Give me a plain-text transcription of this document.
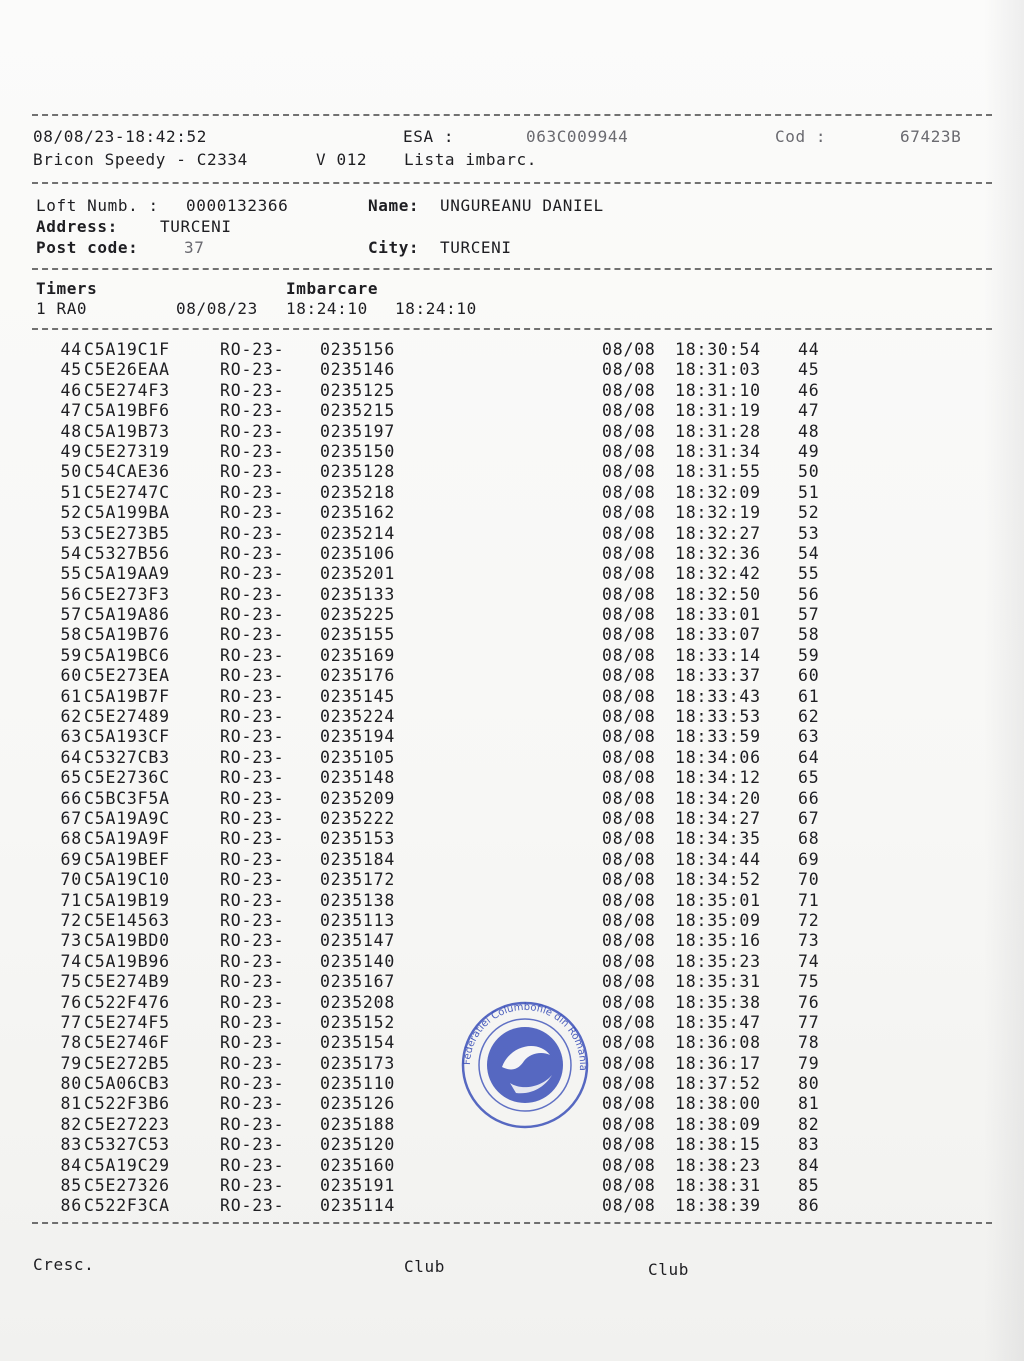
08/08/23-18:42:52	ESA :	063C009944	Cod :	67423B
Bricon Speedy - C2334	V 012 Lista imbarc.
Loft Numb. : 0000132366	Name: UNGUREANU DANIEL
Address:	TURCENI
Post code:	37	City: TURCENI
Timers	Imbarcare
1 RA0	08/08/23 18:24:10 18:24:10
44 C5A19C1F	RO-23- 0235156	08/08 18:30:54 44
45 C5E26EAA	RO-23- 0235146	08/08 18:31:03 45
46 C5E274F3	RO-23- 0235125	08/08 18:31:10 46
47 C5A19BF6	RO-23- 0235215	08/08 18:31:19 47
48 C5A19B73	RO-23- 0235197	08/08 18:31:28 48
49 C5E27319	RO-23- 0235150	08/08 18:31:34 49
50 C54CAE36	RO-23- 0235128	08/08 18:31:55 50
51 C5E2747C	RO-23- 0235218	08/08 18:32:09 51
52 C5A199BA	RO-23- 0235162	08/08 18:32:19 52
53 C5E273B5	RO-23- 0235214	08/08 18:32:27 53
54 C5327B56	RO-23- 0235106	08/08 18:32:36 54
55 C5A19AA9	RO-23- 0235201	08/08 18:32:42 55
56 C5E273F3	RO-23- 0235133	08/08 18:32:50 56
57 C5A19A86	RO-23- 0235225	08/08 18:33:01 57
58 C5A19B76	RO-23- 0235155	08/08 18:33:07 58
59 C5A19BC6	RO-23- 0235169	08/08 18:33:14 59
60 C5E273EA	RO-23- 0235176	08/08 18:33:37 60
61 C5A19B7F	RO-23- 0235145	08/08 18:33:43 61
62 C5E27489	RO-23- 0235224	08/08 18:33:53 62
63 C5A193CF	RO-23- 0235194	08/08 18:33:59 63
64 C5327CB3	RO-23- 0235105	08/08 18:34:06 64
65 C5E2736C	RO-23- 0235148	08/08 18:34:12 65
66 C5BC3F5A	RO-23- 0235209	08/08 18:34:20 66
67 C5A19A9C	RO-23- 0235222	08/08 18:34:27 67
68 C5A19A9F	RO-23- 0235153	08/08 18:34:35 68
69 C5A19BEF	RO-23- 0235184	08/08 18:34:44 69
70 C5A19C10	RO-23- 0235172	08/08 18:34:52 70
71 C5A19B19	RO-23- 0235138	08/08 18:35:01 71
72 C5E14563	RO-23- 0235113	08/08 18:35:09 72
73 C5A19BD0	RO-23- 0235147	08/08 18:35:16 73
74 C5A19B96	RO-23- 0235140	08/08 18:35:23 74
75 C5E274B9	RO-23- 0235167	08/08 18:35:31 75
76 C522F476	RO-23- 0235208	08/08 18:35:38 76
77 C5E274F5	RO-23- 0235152	08/08 18:35:47 77
78 C5E2746F	RO-23- 0235154	08/08 18:36:08 78
79 C5E272B5	RO-23- 0235173	08/08 18:36:17 79
80 C5A06CB3	RO-23- 0235110	08/08 18:37:52 80
81 C522F3B6	RO-23- 0235126	08/08 18:38:00 81
82 C5E27223	RO-23- 0235188	08/08 18:38:09 82
83 C5327C53	RO-23- 0235120	08/08 18:38:15 83
84 C5A19C29	RO-23- 0235160	08/08 18:38:23 84
85 C5E27326	RO-23- 0235191	08/08 18:38:31 85
86 C522F3CA	RO-23- 0235114	08/08 18:38:39 86
Cresc.	Club	Club
Federatiei Columbofile din Romania
